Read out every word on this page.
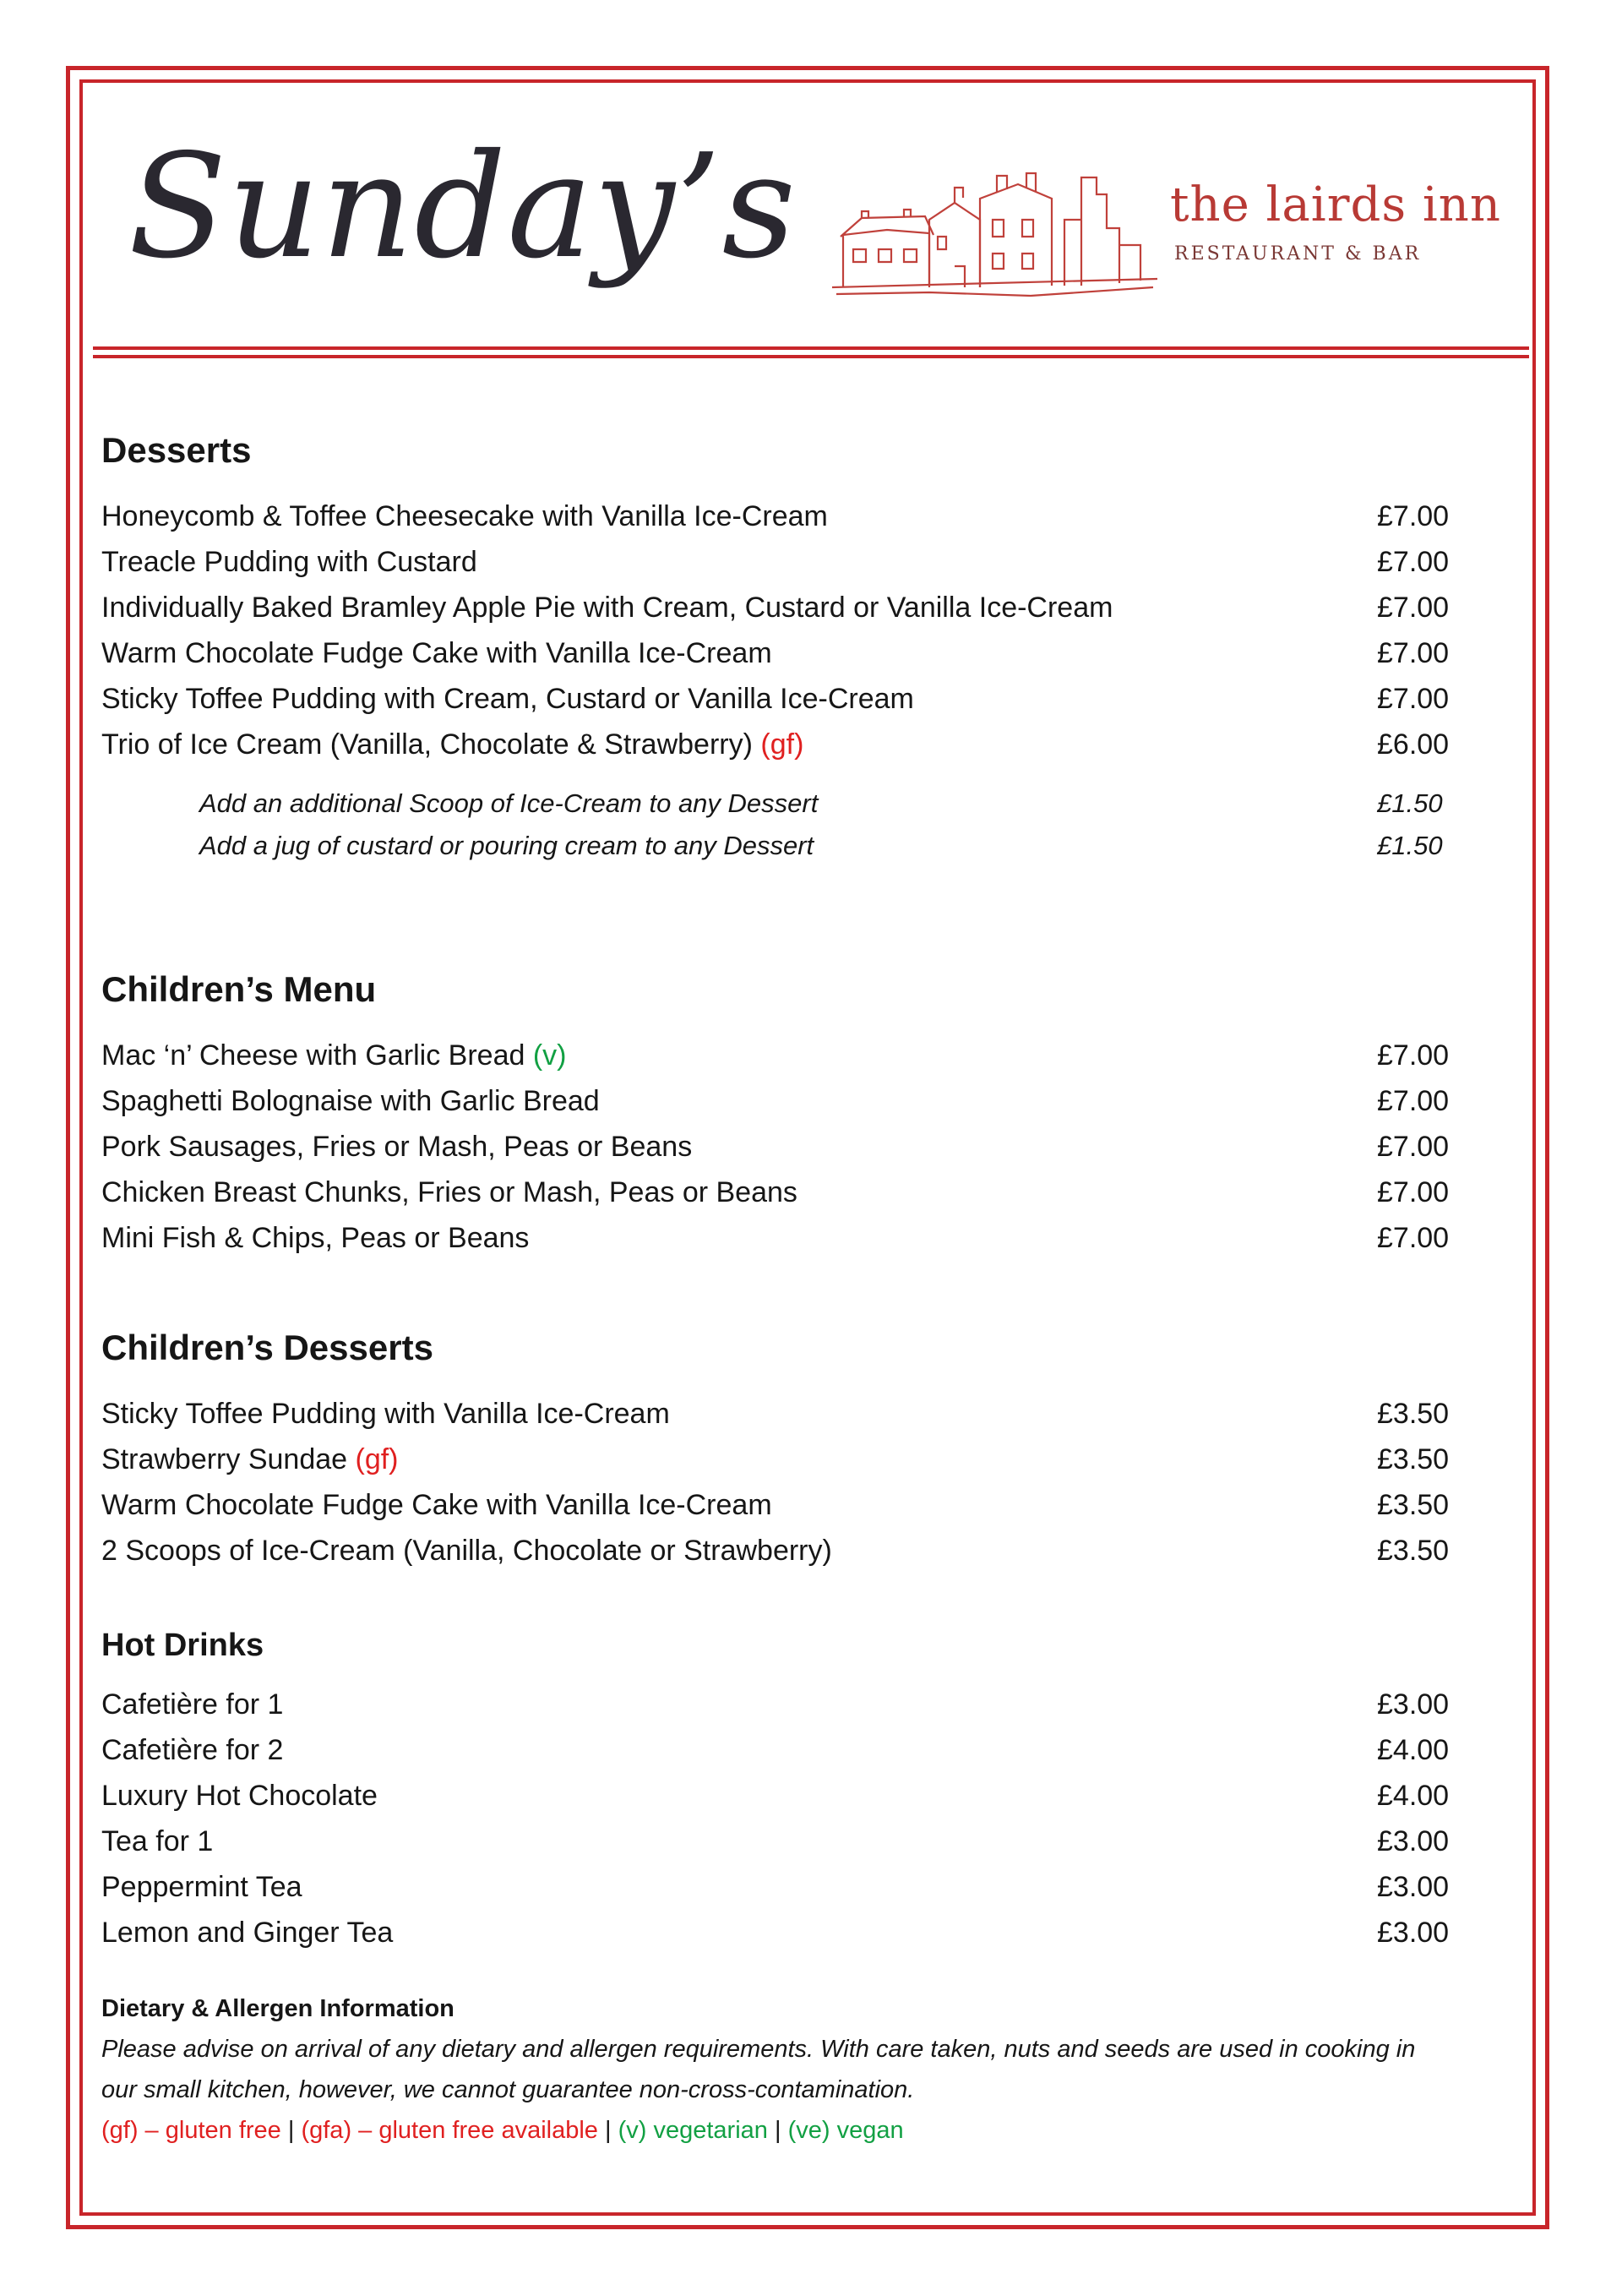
Sunday’s	the lairds inn
RESTAURANT & BAR
Desserts
Honeycomb & Toffee Cheesecake with Vanilla Ice-Cream	£7.00
Treacle Pudding with Custard	£7.00
Individually Baked Bramley Apple Pie with Cream, Custard or Vanilla Ice-Cream	£7.00
Warm Chocolate Fudge Cake with Vanilla Ice-Cream	£7.00
Sticky Toffee Pudding with Cream, Custard or Vanilla Ice-Cream	£7.00
Trio of Ice Cream (Vanilla, Chocolate & Strawberry) (gf)	£6.00
Add an additional Scoop of Ice-Cream to any Dessert	£1.50
Add a jug of custard or pouring cream to any Dessert	£1.50
Children’s Menu
Mac ‘n’ Cheese with Garlic Bread (v)	£7.00
Spaghetti Bolognaise with Garlic Bread	£7.00
Pork Sausages, Fries or Mash, Peas or Beans	£7.00
Chicken Breast Chunks, Fries or Mash, Peas or Beans	£7.00
Mini Fish & Chips, Peas or Beans	£7.00
Children’s Desserts
Sticky Toffee Pudding with Vanilla Ice-Cream	£3.50
Strawberry Sundae (gf)	£3.50
Warm Chocolate Fudge Cake with Vanilla Ice-Cream	£3.50
2 Scoops of Ice-Cream (Vanilla, Chocolate or Strawberry)	£3.50
Hot Drinks
Cafetière for 1	£3.00
Cafetière for 2	£4.00
Luxury Hot Chocolate	£4.00
Tea for 1	£3.00
Peppermint Tea	£3.00
Lemon and Ginger Tea	£3.00
Dietary & Allergen Information
Please advise on arrival of any dietary and allergen requirements. With care taken, nuts and seeds are used in cooking in
our small kitchen, however, we cannot guarantee non-cross-contamination.
(gf) – gluten free | (gfa) – gluten free available | (v) vegetarian | (ve) vegan
